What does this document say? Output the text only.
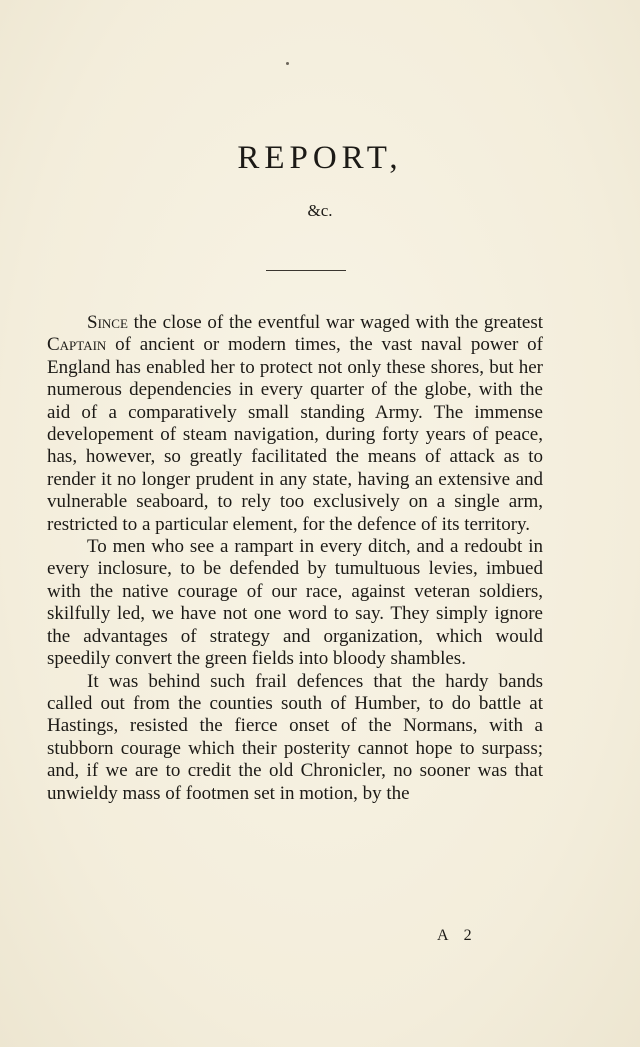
REPORT,
&c.

Since the close of the eventful war waged with the greatest Captain of ancient or modern times, the vast naval power of England has enabled her to protect not only these shores, but her numerous dependencies in every quarter of the globe, with the aid of a comparatively small standing Army. The immense developement of steam navigation, during forty years of peace, has, however, so greatly facilitated the means of attack as to render it no longer prudent in any state, having an extensive and vulnerable seaboard, to rely too exclusively on a single arm, restricted to a particular element, for the defence of its territory.

To men who see a rampart in every ditch, and a redoubt in every inclosure, to be defended by tumultuous levies, imbued with the native courage of our race, against veteran soldiers, skilfully led, we have not one word to say. They simply ignore the advantages of strategy and organization, which would speedily convert the green fields into bloody shambles.

It was behind such frail defences that the hardy bands called out from the counties south of Humber, to do battle at Hastings, resisted the fierce onset of the Normans, with a stubborn courage which their posterity cannot hope to surpass; and, if we are to credit the old Chronicler, no sooner was that unwieldy mass of footmen set in motion, by the

A 2
